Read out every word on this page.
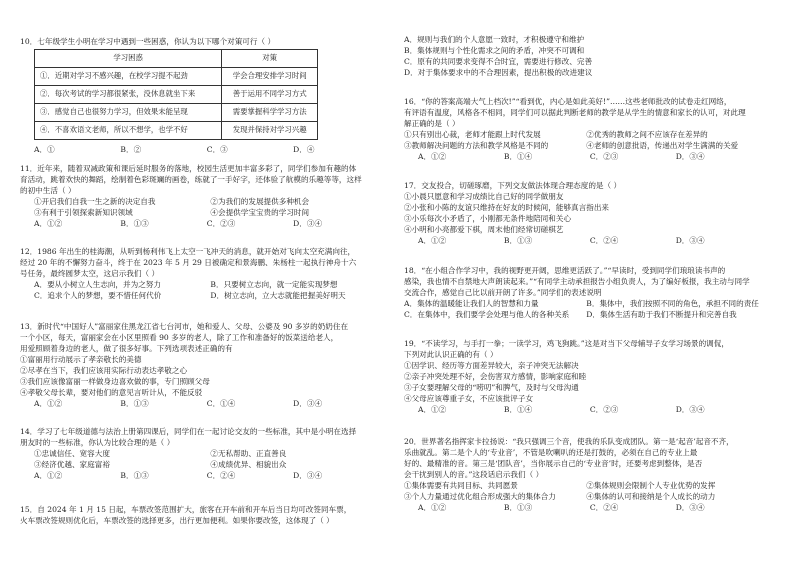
10．七年级学生小明在学习中遇到一些困惑，你认为以下哪个对策可行（ ）
学习困惑	对策
①．近期对学习不感兴趣，在校学习提不起劲	学会合理安排学习时间
②．每次考试的学习都很紧张，没休息就坐下来	善于运用不同学习方式
③．感觉自己也很努力学习，但效果未能呈现	需要掌握科学学习方法
④．不喜欢语文老师，所以不想学，也学不好	发现并保持对学习兴趣
A．①	B．②	C．③	D．④
11．近年来，随着双减政策和课后延时服务的落地，校园生活更加丰富多彩了，同学们参加有趣的体
育活动，跳着欢快的舞蹈，绘制着色彩斑斓的画卷，练就了一手好字，还体验了航模的乐趣等等，这样
的初中生活（ ）
①开启我们自我一生之新的决定自我	②为我们的发展提供多种机会
③有利于引领探索新知识领域	④会提供学宝宝贵的学习时间
A．①②	B．①③	C．②③	D．③④
12．1986 年出生的桂海潮，从听到杨利伟飞上太空一飞冲天的消息，就开始对飞向太空充满向往，
经过 20 年的不懈努力奋斗，终于在 2023 年 5 月 29 日被确定和景海鹏、朱杨柱一起执行神舟十六
号任务，最终圆梦太空，这启示我们（ ）
A．要从小树立人生志向，并为之努力	B．只要树立志向，就一定能实现梦想
C．追求个人的梦想，要不惜任何代价	D．树立志向，立大志就能把握美好明天
13．新时代“中国好人”富丽家住黑龙江省七台河市，她和爱人、父母、公婆及 90 多岁的奶奶住在
一个小区，每天，富丽家会在小区里照看 90 多岁的老人，除了工作和准备好的饭菜送给老人，
用爱照顾着身边的老人，做了很多好事。下列选项表述正确的有
①富丽用行动展示了孝亲敬长的美德
②尽孝在当下，我们应该用实际行动表达孝敬之心
③我们应该像富丽一样做身边喜欢做的事，专门照顾父母
④孝敬父母长辈，要对他们的意见言听计从，不能反驳
A．①②	B．①③	C．①④	D．③④
14．学习了七年级道德与法治上册第四课后，同学们在一起讨论交友的一些标准，其中是小明在选择
朋友时的一些标准，你认为比较合理的是（ ）
①忠诚信任、宽容大度	②无私帮助、正直善良
③经济优越、家庭富裕	④成绩优异、相貌出众
A．①②	B．①③	C．②④	D．③④
15．自 2024 年 1 月 15 日起，车票改签范围扩大，旅客在开车前和开车后当日均可改签同车票，
火车票改签规则优化后，车票改签的选择更多，出行更加便利。如果你要改签，这体现了（ ）
A．规则与我们的个人意愿一致时，才积极遵守和维护
B．集体规则与个性化需求之间的矛盾，冲突不可调和
C．原有的共同要求变得不合时宜，需要进行修改、完善
D．对于集体要求中的不合理因素，提出积极的改进建议
16．“你的答案高端大气上档次!”“看到优，内心是如此美好!”……这些老师批改的试卷走红网络，
有评语有温度，风格各不相同，同学们可以据此判断老师的教学是从学生的情意和家长的认可，对此理
解正确的是（ ）
①只有别出心裁，老师才能跟上时代发展	②优秀的教师之间不应该存在差异的
③教师解决问题的方法和教学风格是不同的	④老师的创意批语，传递出对学生满满的关爱
A．①②	B．①④	C．②③	D．③④
17．交友投合，切磋琢磨，下列交友做法体现合理态度的是（ ）
①小晨只愿意和学习成绩比自己好的同学做朋友
②小张和小陈的友谊只维持在好友的时候间，能够真言指出来
③小乐每次小矛盾了，小刚都无条件地陪同和关心
④小明和小亮都爱下棋，周末他们经常切磋棋艺
A．①②	B．①③	C．②④	D．③④
18．“在小组合作学习中，我的视野更开阔，思维更活跃了。”“早读时，受到同学们琅琅读书声的
感染，我也情不自禁地大声朗读起来。”“有同学主动承担报告小组负责人，为了编好板报，我主动与同学
交流合作，感觉自己比以前开朗了许多。”同学们的表述说明
A．集体的温暖能让我们人的智慧和力量	B．集体中，我们按照不同的角色，承担不同的责任
C．在集体中，我们要学会处理与他人的各种关系 D．集体生活有助于我们不断提升和完善自我
19．“不读学习，与手打一拳；一读学习，鸡飞狗跳。”这是对当下父母辅导子女学习场景的调侃，
下列对此认识正确的有（ ）
①因学识、经历等方面差异较大，亲子冲突无法解决
②亲子冲突处理不好，会伤害双方感情，影响家庭和睦
③子女要理解父母的“唠叨”和脾气，及时与父母沟通
④父母应该尊重子女，不应该批评子女
A．①②	B．①④	C．②③	D．③④
20．世界著名指挥家卡拉扬说：“我只强调三个音，使我的乐队变成团队。第一是‘起音’起音不齐，
乐曲就乱。第二是个人的‘专业音’，不管是吹喇叭的还是打鼓的，必须在自己的专业上最
好的、最精准的音。第三是‘团队音’，当你展示自己的‘专业音’时，还要考虑到整体，是否
会干扰到别人的音。”这段话启示我们（ ）
①集体需要有共同目标、共同愿景	②集体规则会限制个人专业优势的发挥
③个人力量通过优化组合形成强大的集体合力	④集体的认可和接纳是个人成长的动力
A．①②	B．①③	C．②④	D．③④
